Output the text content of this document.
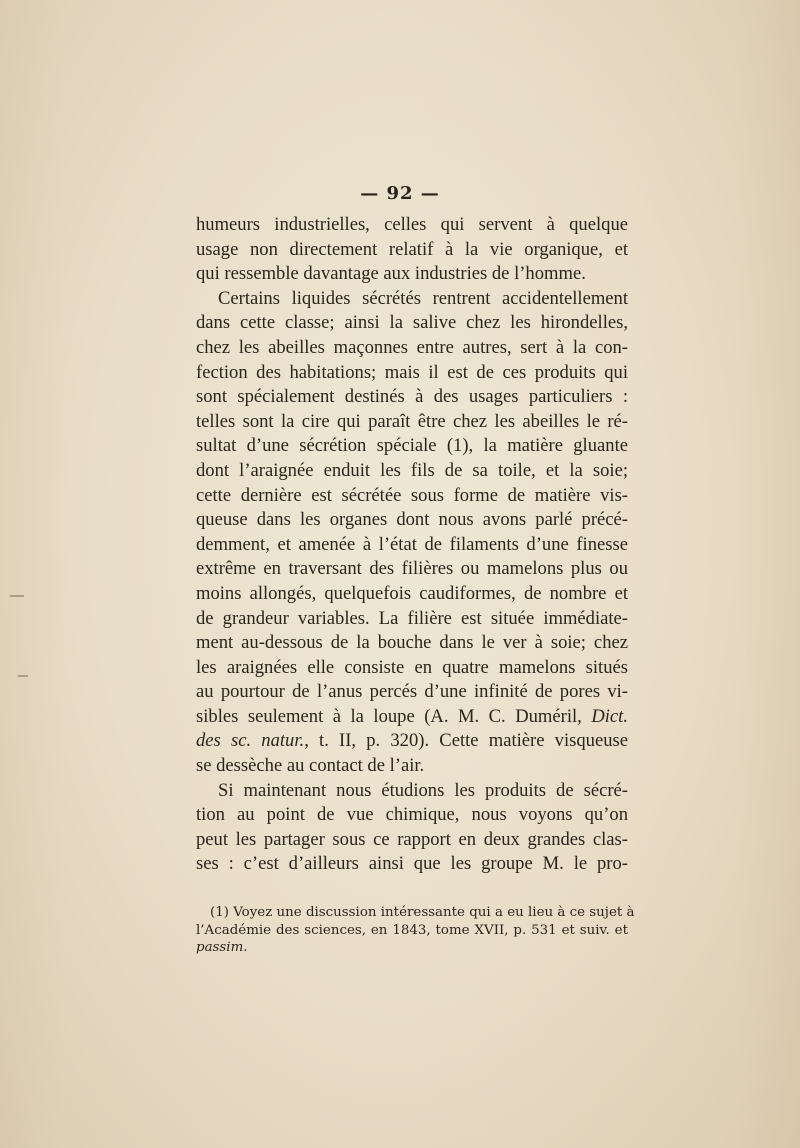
— 92 —
humeurs industrielles, celles qui servent à quelque
usage non directement relatif à la vie organique, et
qui ressemble davantage aux industries de l’homme.
Certains liquides sécrétés rentrent accidentellement
dans cette classe; ainsi la salive chez les hirondelles,
chez les abeilles maçonnes entre autres, sert à la con-
fection des habitations; mais il est de ces produits qui
sont spécialement destinés à des usages particuliers :
telles sont la cire qui paraît être chez les abeilles le ré-
sultat d’une sécrétion spéciale (1), la matière gluante
dont l’araignée enduit les fils de sa toile, et la soie;
cette dernière est sécrétée sous forme de matière vis-
queuse dans les organes dont nous avons parlé précé-
demment, et amenée à l’état de filaments d’une finesse
extrême en traversant des filières ou mamelons plus ou
moins allongés, quelquefois caudiformes, de nombre et
de grandeur variables. La filière est située immédiate-
ment au-dessous de la bouche dans le ver à soie; chez
les araignées elle consiste en quatre mamelons situés
au pourtour de l’anus percés d’une infinité de pores vi-
sibles seulement à la loupe (A. M. C. Duméril, Dict.
des sc. natur., t. II, p. 320). Cette matière visqueuse
se dessèche au contact de l’air.
Si maintenant nous étudions les produits de sécré-
tion au point de vue chimique, nous voyons qu’on
peut les partager sous ce rapport en deux grandes clas-
ses : c’est d’ailleurs ainsi que les groupe M. le pro-
(1) Voyez une discussion intéressante qui a eu lieu à ce sujet à
l’Académie des sciences, en 1843, tome XVII, p. 531 et suiv. et
passim.
